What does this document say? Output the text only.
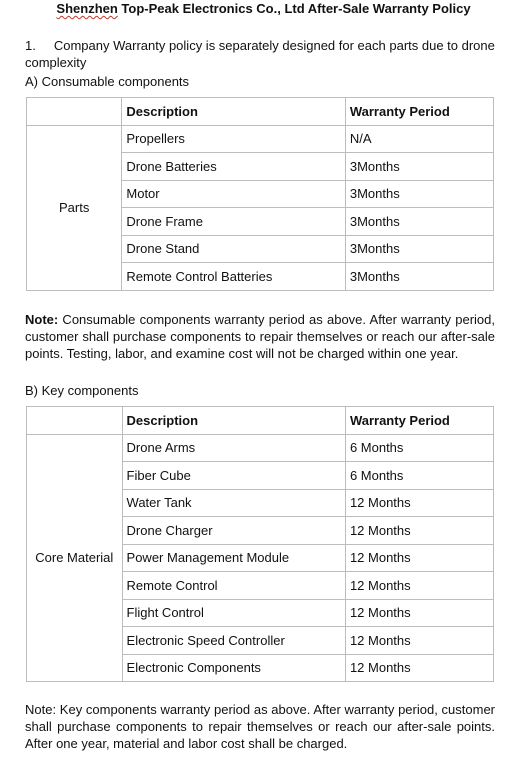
Shenzhen Top-Peak Electronics Co., Ltd After-Sale Warranty Policy
1. Company Warranty policy is separately designed for each parts due to drone complexity
A) Consumable components
	Description	Warranty Period
Parts	Propellers	N/A
	Drone Batteries	3Months
	Motor	3Months
	Drone Frame	3Months
	Drone Stand	3Months
	Remote Control Batteries	3Months
Note: Consumable components warranty period as above. After warranty period, customer shall purchase components to repair themselves or reach our after-sale points. Testing, labor, and examine cost will not be charged within one year.
B) Key components
	Description	Warranty Period
Core Material	Drone Arms	6 Months
	Fiber Cube	6 Months
	Water Tank	12 Months
	Drone Charger	12 Months
	Power Management Module	12 Months
	Remote Control	12 Months
	Flight Control	12 Months
	Electronic Speed Controller	12 Months
	Electronic Components	12 Months
Note: Key components warranty period as above. After warranty period, customer shall purchase components to repair themselves or reach our after-sale points. After one year, material and labor cost shall be charged.
